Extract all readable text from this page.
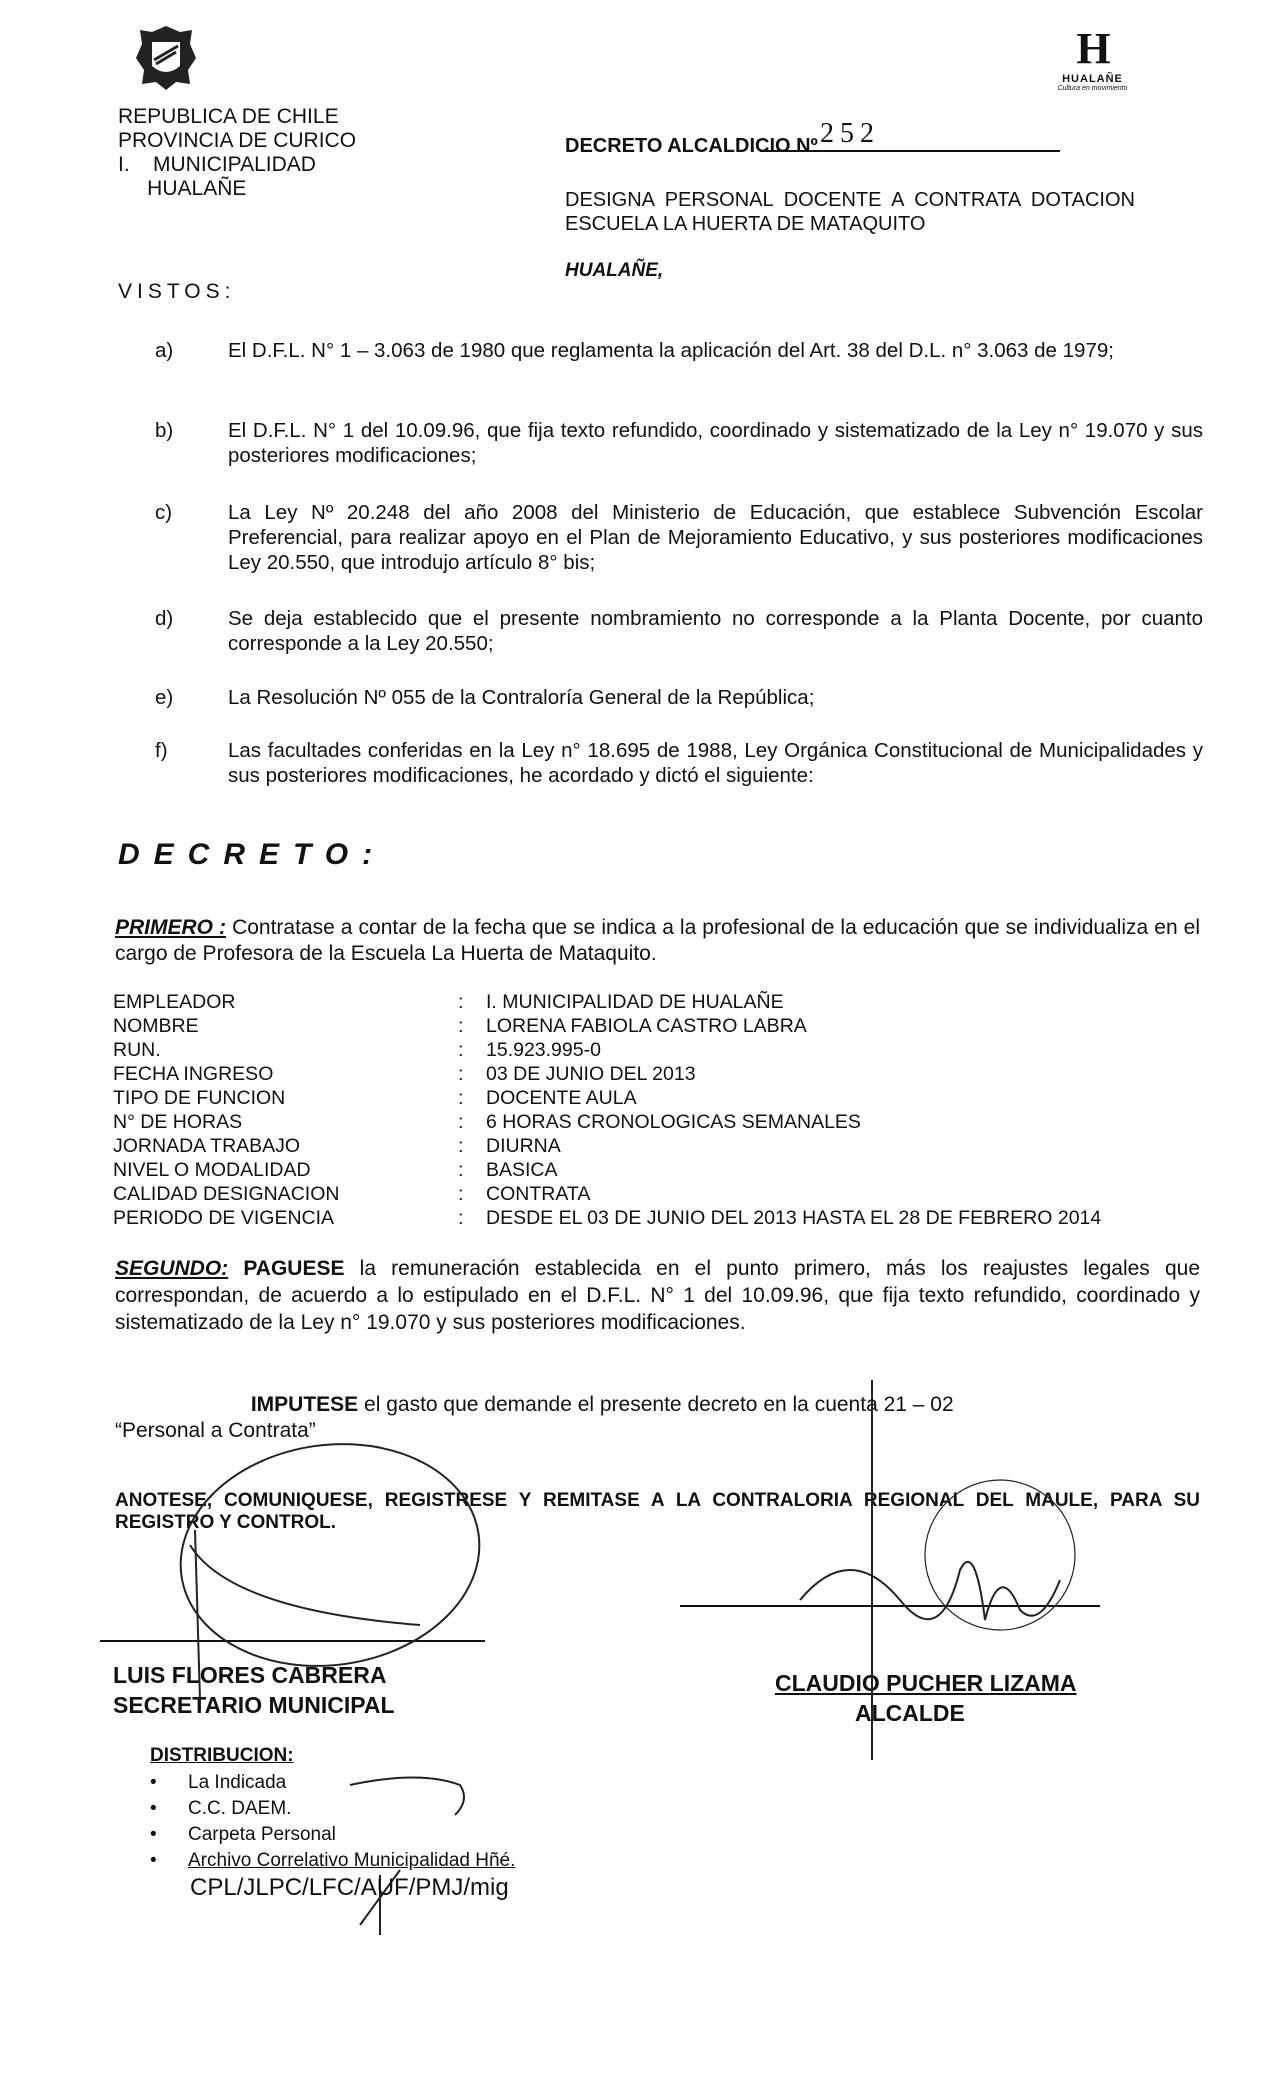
REPUBLICA DE CHILE
PROVINCIA DE CURICO
I.    MUNICIPALIDAD
HUALAÑE
H
HUALAÑE
Cultura en movimiento
DECRETO ALCALDICIO Nº 252
DESIGNA PERSONAL DOCENTE A CONTRATA DOTACION ESCUELA LA HUERTA DE MATAQUITO
HUALAÑE,
VISTOS:
a)	El D.F.L. N° 1 – 3.063 de 1980 que reglamenta la aplicación del Art. 38 del D.L. n° 3.063 de 1979;
b)	El D.F.L. N° 1 del 10.09.96, que fija texto refundido, coordinado y sistematizado de la Ley n° 19.070 y sus posteriores modificaciones;
c)	La Ley Nº 20.248 del año 2008 del Ministerio de Educación, que establece Subvención Escolar Preferencial, para realizar apoyo en el Plan de Mejoramiento Educativo, y sus posteriores modificaciones Ley 20.550, que introdujo artículo 8° bis;
d)	Se deja establecido que el presente nombramiento no corresponde a la Planta Docente, por cuanto corresponde a la Ley 20.550;
e)	La Resolución Nº 055 de la Contraloría General de la República;
f)	Las facultades conferidas en la Ley n° 18.695 de 1988, Ley Orgánica Constitucional de Municipalidades y sus posteriores modificaciones, he acordado y dictó el siguiente:
DECRETO:
PRIMERO : Contratase a contar de la fecha que se indica a la profesional de la educación que se individualiza en el cargo de Profesora de la Escuela La Huerta de Mataquito.
EMPLEADOR	: I. MUNICIPALIDAD DE HUALAÑE
NOMBRE	: LORENA FABIOLA CASTRO LABRA
RUN.	: 15.923.995-0
FECHA INGRESO	: 03 DE JUNIO DEL 2013
TIPO DE FUNCION	: DOCENTE AULA
N° DE HORAS	: 6 HORAS CRONOLOGICAS SEMANALES
JORNADA TRABAJO	: DIURNA
NIVEL O MODALIDAD	: BASICA
CALIDAD DESIGNACION	: CONTRATA
PERIODO DE VIGENCIA	: DESDE EL 03 DE JUNIO DEL 2013 HASTA EL 28 DE FEBRERO 2014
SEGUNDO: PAGUESE la remuneración establecida en el punto primero, más los reajustes legales que correspondan, de acuerdo a lo estipulado en el D.F.L. N° 1 del 10.09.96, que fija texto refundido, coordinado y sistematizado de la Ley n° 19.070 y sus posteriores modificaciones.
IMPUTESE el gasto que demande el presente decreto en la cuenta 21 – 02
“Personal a Contrata”
ANOTESE, COMUNIQUESE, REGISTRESE Y REMITASE A LA CONTRALORIA REGIONAL DEL MAULE, PARA SU REGISTRO Y CONTROL.
LUIS FLORES CABRERA
SECRETARIO MUNICIPAL
CLAUDIO PUCHER LIZAMA
ALCALDE
DISTRIBUCION:
• La Indicada
• C.C. DAEM.
• Carpeta Personal
• Archivo Correlativo Municipalidad Hñé.
CPL/JLPC/LFC/AUF/PMJ/mig
